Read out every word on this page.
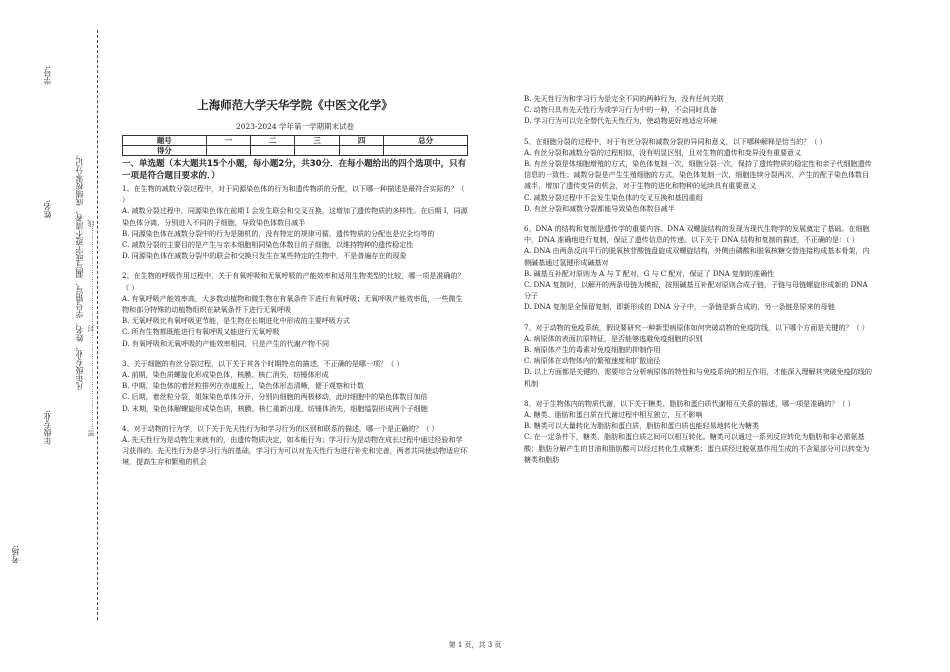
学号:
姓名:
年级专业:
考场:
凡年级专业、姓名、学号错写、漏写或字迹不清者，成绩按零分记。 密……………………………………封……………………………………线
上海师范大学天华学院《中医文化学》
2023-2024 学年第一学期期末试卷
题号	一	二	三	四	总分
得分					
一、单选题（本大题共15个小题，每小题2分，共30分．在每小题给出的四个选项中，只有一项是符合题目要求的．）

1、在生物的减数分裂过程中，对于同源染色体的行为和遗传物质的分配，以下哪一种描述是最符合实际的？（ ）

A. 减数分裂过程中，同源染色体在前期 Ⅰ 会发生联会和交叉互换，这增加了遗传物质的多样性。在后期 Ⅰ，同源染色体分离，分别进入不同的子细胞，导致染色体数目减半

B. 同源染色体在减数分裂中的行为是随机的，没有特定的规律可循，遗传物质的分配也是完全均等的

C. 减数分裂的主要目的是产生与亲本细胞相同染色体数目的子细胞，以维持物种的遗传稳定性

D. 同源染色体在减数分裂中的联会和交换只发生在某些特定的生物中，不是普遍存在的现象

2、在生物的呼吸作用过程中，关于有氧呼吸和无氧呼吸的产能效率和适用生物类型的比较，哪一项是准确的？（ ）

A. 有氧呼吸产能效率高，大多数动植物和微生物在有氧条件下进行有氧呼吸；无氧呼吸产能效率低，一些微生物和部分特殊的动植物组织在缺氧条件下进行无氧呼吸

B. 无氧呼吸比有氧呼吸更节能，是生物在长期进化中形成的主要呼吸方式

C. 所有生物都既能进行有氧呼吸又能进行无氧呼吸

D. 有氧呼吸和无氧呼吸的产能效率相同，只是产生的代谢产物不同

3、关于细胞的有丝分裂过程，以下关于其各个时期特点的描述，不正确的是哪一项？（ ）

A. 前期，染色质螺旋化形成染色体，核膜、核仁消失，纺锤体形成

B. 中期，染色体的着丝粒排列在赤道板上，染色体形态清晰，便于观察和计数

C. 后期，着丝粒分裂，姐妹染色单体分开，分别向细胞的两极移动，此时细胞中的染色体数目加倍

D. 末期，染色体解螺旋形成染色质，核膜、核仁重新出现，纺锤体消失，细胞缢裂形成两个子细胞

4、对于动物的行为学，以下关于先天性行为和学习行为的区别和联系的描述，哪一个是正确的？（ ）

A. 先天性行为是动物生来就有的，由遗传物质决定，如本能行为；学习行为是动物在成长过程中通过经验和学习获得的。先天性行为是学习行为的基础，学习行为可以对先天性行为进行补充和完善，两者共同使动物适应环境，提高生存和繁殖的机会

B. 先天性行为和学习行为是完全不同的两种行为，没有任何关联

C. 动物只具有先天性行为或学习行为中的一种，不会同时具备

D. 学习行为可以完全替代先天性行为，使动物更好地适应环境

5、在细胞分裂的过程中，对于有丝分裂和减数分裂的异同和意义，以下哪种解释是恰当的？（ ）

A. 有丝分裂和减数分裂的过程相似，没有明显区别，且对生物的遗传和变异没有重要意义

B. 有丝分裂是体细胞增殖的方式，染色体复制一次，细胞分裂一次，保持了遗传物质的稳定性和亲子代细胞遗传信息的一致性；减数分裂是产生生殖细胞的方式，染色体复制一次，细胞连续分裂两次，产生的配子染色体数目减半，增加了遗传变异的机会，对于生物的进化和物种的延续具有重要意义

C. 减数分裂过程中不会发生染色体的交叉互换和基因重组

D. 有丝分裂和减数分裂都能导致染色体数目减半

6、DNA 的结构和复制是遗传学的重要内容。DNA 双螺旋结构的发现为现代生物学的发展奠定了基础。在细胞中，DNA 准确地进行复制，保证了遗传信息的传递。以下关于 DNA 结构和复制的描述，不正确的是：（ ）

A. DNA 由两条反向平行的脱氧核苷酸链盘旋成双螺旋结构，外侧由磷酸和脱氧核糖交替连接构成基本骨架，内侧碱基通过氢键形成碱基对

B. 碱基互补配对原则为 A 与 T 配对，G 与 C 配对，保证了 DNA 复制的准确性

C. DNA 复制时，以解开的两条母链为模板，按照碱基互补配对原则合成子链，子链与母链螺旋形成新的 DNA 分子

D. DNA 复制是全保留复制，即新形成的 DNA 分子中，一条链是新合成的，另一条链是原来的母链

7、对于动物的免疫系统，假设要研究一种新型病原体如何突破动物的免疫防线，以下哪个方面是关键的？（ ）

A. 病原体的表面抗原特征，是否能够逃避免疫细胞的识别

B. 病原体产生的毒素对免疫细胞的抑制作用

C. 病原体在动物体内的繁殖速度和扩散途径

D. 以上方面都是关键的，需要综合分析病原体的特性和与免疫系统的相互作用，才能深入理解其突破免疫防线的机制

8、对于生物体内的物质代谢，以下关于糖类、脂肪和蛋白质代谢相互关系的描述，哪一项是准确的？（ ）

A. 糖类、脂肪和蛋白质在代谢过程中相互独立，互不影响

B. 糖类可以大量转化为脂肪和蛋白质，脂肪和蛋白质也能轻易地转化为糖类

C. 在一定条件下，糖类、脂肪和蛋白质之间可以相互转化。糖类可以通过一系列反应转化为脂肪和非必需氨基酸；脂肪分解产生的甘油和脂肪酸可以经过转化生成糖类；蛋白质经过脱氨基作用生成的不含氮部分可以转变为糖类和脂肪

第 1 页，共 3 页
